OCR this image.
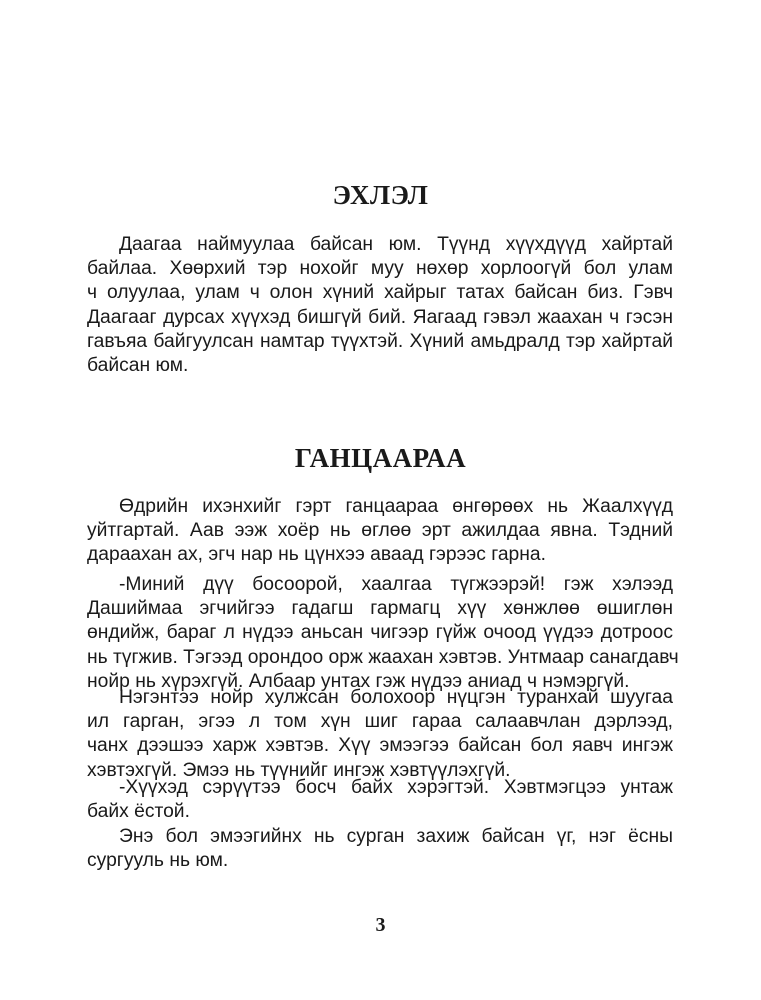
ЭХЛЭЛ
Даагаа наймуулаа байсан юм. Түүнд хүүхдүүд хайртай
байлаа. Хөөрхий тэр нохойг муу нөхөр хорлоогүй бол улам
ч олуулаа, улам ч олон хүний хайрыг татах байсан биз. Гэвч
Даагааг дурсах хүүхэд бишгүй бий. Яагаад гэвэл жаахан ч гэсэн
гавъяа байгуулсан намтар түүхтэй. Хүний амьдралд тэр хайртай
байсан юм.
ГАНЦААРАА
Өдрийн ихэнхийг гэрт ганцаараа өнгөрөөх нь Жаалхүүд
уйтгартай. Аав ээж хоёр нь өглөө эрт ажилдаа явна. Тэдний
дараахан ах, эгч нар нь цүнхээ аваад гэрээс гарна.
-Миний дүү босоорой, хаалгаа түгжээрэй! гэж хэлээд
Дашиймаа эгчийгээ гадагш гармагц хүү хөнжлөө өшиглөн
өндийж, бараг л нүдээ аньсан чигээр гүйж очоод үүдээ дотроос
нь түгжив. Тэгээд орондоо орж жаахан хэвтэв. Унтмаар санагдавч
нойр нь хүрэхгүй. Албаар унтах гэж нүдээ аниад ч нэмэргүй.
Нэгэнтээ нойр хулжсан болохоор нүцгэн туранхай шуугаа
ил гарган, эгээ л том хүн шиг гараа салаавчлан дэрлээд,
чанх дээшээ харж хэвтэв. Хүү эмээгээ байсан бол яавч ингэж
хэвтэхгүй. Эмээ нь түүнийг ингэж хэвтүүлэхгүй.
-Хүүхэд сэрүүтээ босч байх хэрэгтэй. Хэвтмэгцээ унтаж
байх ёстой.
Энэ бол эмээгийнх нь сурган захиж байсан үг, нэг ёсны
сургууль нь юм.
3
